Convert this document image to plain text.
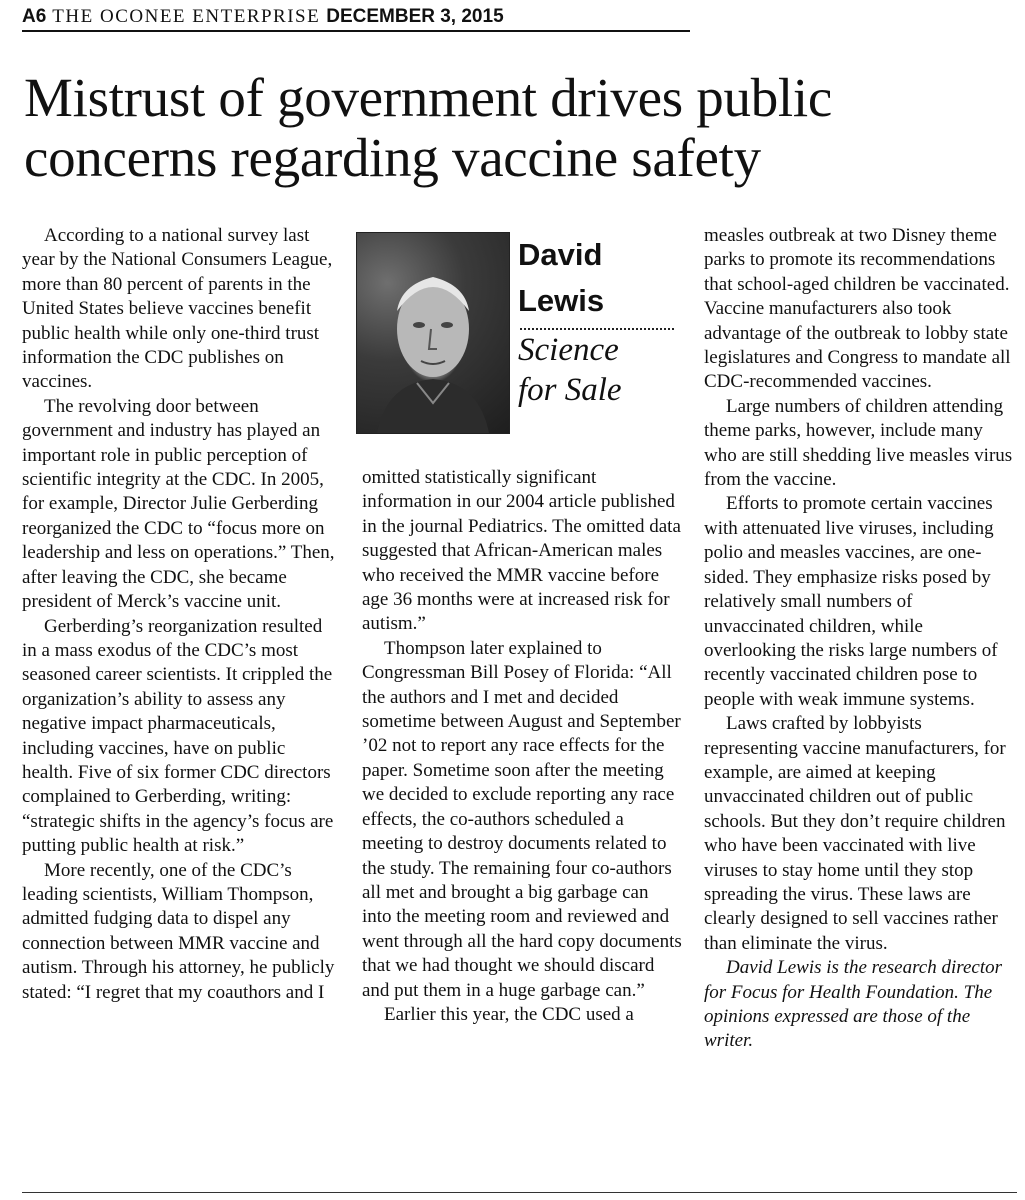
A6 THE OCONEE ENTERPRISE DECEMBER 3, 2015
Mistrust of government drives public
concerns regarding vaccine safety

According to a national survey last year by the National Consumers League, more than 80 percent of parents in the United States believe vaccines benefit public health while only one-third trust information the CDC publishes on vaccines.

The revolving door between government and industry has played an important role in public perception of scientific integrity at the CDC. In 2005, for example, Director Julie Gerberding reorganized the CDC to “focus more on leadership and less on operations.” Then, after leaving the CDC, she became president of Merck’s vaccine unit.

Gerberding’s reorganization resulted in a mass exodus of the CDC’s most seasoned career scientists. It crippled the organization’s ability to assess any negative impact pharmaceuticals, including vaccines, have on public health. Five of six former CDC directors complained to Gerberding, writing: “strategic shifts in the agency’s focus are putting public health at risk.”

More recently, one of the CDC’s leading scientists, William Thompson, admitted fudging data to dispel any connection between MMR vaccine and autism. Through his attorney, he publicly stated: “I regret that my coauthors and I

David
Lewis
Science
for Sale

omitted statistically significant information in our 2004 article published in the journal Pediatrics. The omitted data suggested that African-American males who received the MMR vaccine before age 36 months were at increased risk for autism.”

Thompson later explained to Congressman Bill Posey of Florida: “All the authors and I met and decided sometime between August and September ’02 not to report any race effects for the paper. Sometime soon after the meeting we decided to exclude reporting any race effects, the co-authors scheduled a meeting to destroy documents related to the study. The remaining four co-authors all met and brought a big garbage can into the meeting room and reviewed and went through all the hard copy documents that we had thought we should discard and put them in a huge garbage can.”

Earlier this year, the CDC used a

measles outbreak at two Disney theme parks to promote its recommendations that school-aged children be vaccinated. Vaccine manufacturers also took advantage of the outbreak to lobby state legislatures and Congress to mandate all CDC-recommended vaccines.

Large numbers of children attending theme parks, however, include many who are still shedding live measles virus from the vaccine.

Efforts to promote certain vaccines with attenuated live viruses, including polio and measles vaccines, are one-sided. They emphasize risks posed by relatively small numbers of unvaccinated children, while overlooking the risks large numbers of recently vaccinated children pose to people with weak immune systems.

Laws crafted by lobbyists representing vaccine manufacturers, for example, are aimed at keeping unvaccinated children out of public schools. But they don’t require children who have been vaccinated with live viruses to stay home until they stop spreading the virus. These laws are clearly designed to sell vaccines rather than eliminate the virus.

David Lewis is the research director for Focus for Health Foundation. The opinions expressed are those of the writer.
